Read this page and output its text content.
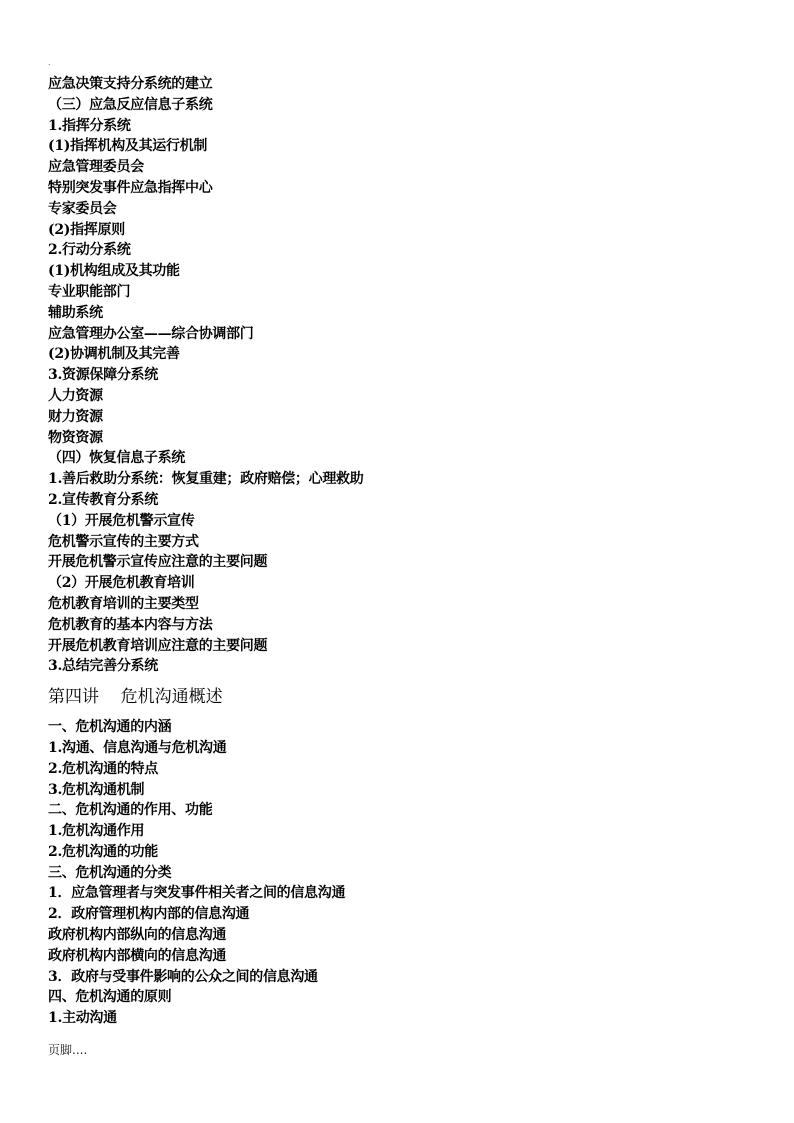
.
应急决策支持分系统的建立
（三）应急反应信息子系统
1.指挥分系统
(1)指挥机构及其运行机制
应急管理委员会
特别突发事件应急指挥中心
专家委员会
(2)指挥原则
2.行动分系统
(1)机构组成及其功能
专业职能部门
辅助系统
应急管理办公室——综合协调部门
(2)协调机制及其完善
3.资源保障分系统
人力资源
财力资源
物资资源
（四）恢复信息子系统
1.善后救助分系统：恢复重建；政府赔偿；心理救助
2.宣传教育分系统
（1）开展危机警示宣传
危机警示宣传的主要方式
开展危机警示宣传应注意的主要问题
（2）开展危机教育培训
危机教育培训的主要类型
危机教育的基本内容与方法
开展危机教育培训应注意的主要问题
3.总结完善分系统
第四讲    危机沟通概述
一、危机沟通的内涵
1.沟通、信息沟通与危机沟通
2.危机沟通的特点
3.危机沟通机制
二、危机沟通的作用、功能
1.危机沟通作用
2.危机沟通的功能
三、危机沟通的分类
1．应急管理者与突发事件相关者之间的信息沟通
2．政府管理机构内部的信息沟通
政府机构内部纵向的信息沟通
政府机构内部横向的信息沟通
3．政府与受事件影响的公众之间的信息沟通
四、危机沟通的原则
1.主动沟通
页脚....
